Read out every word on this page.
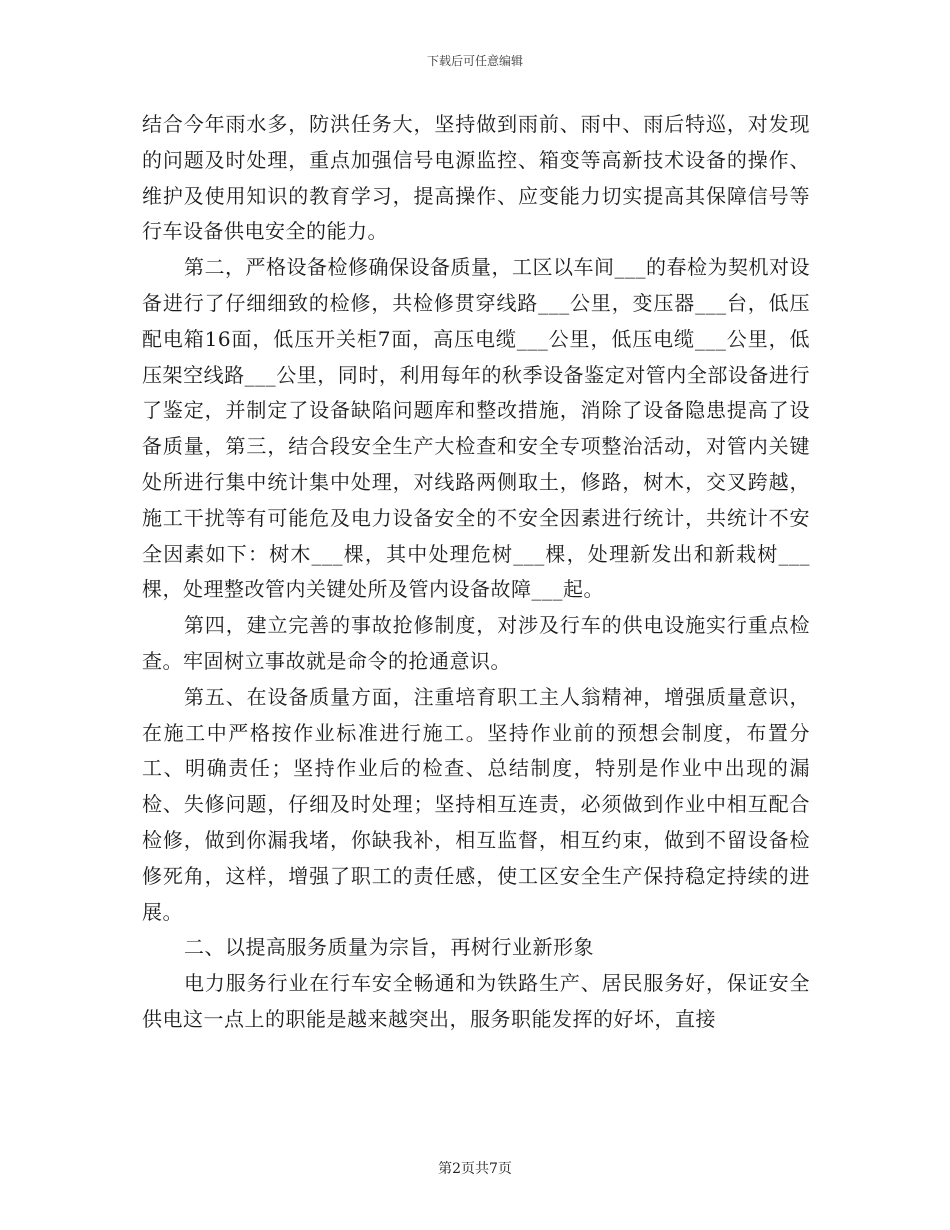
下载后可任意编辑

结合今年雨水多，防洪任务大，坚持做到雨前、雨中、雨后特巡，对发现的问题及时处理，重点加强信号电源监控、箱变等高新技术设备的操作、维护及使用知识的教育学习，提高操作、应变能力切实提高其保障信号等行车设备供电安全的能力。

第二，严格设备检修确保设备质量，工区以车间___的春检为契机对设备进行了仔细细致的检修，共检修贯穿线路___公里，变压器___台，低压配电箱16面，低压开关柜7面，高压电缆___公里，低压电缆___公里，低压架空线路___公里，同时，利用每年的秋季设备鉴定对管内全部设备进行了鉴定，并制定了设备缺陷问题库和整改措施，消除了设备隐患提高了设备质量，第三，结合段安全生产大检查和安全专项整治活动，对管内关键处所进行集中统计集中处理，对线路两侧取土，修路，树木，交叉跨越，施工干扰等有可能危及电力设备安全的不安全因素进行统计，共统计不安全因素如下：树木___棵，其中处理危树___棵，处理新发出和新栽树___棵，处理整改管内关键处所及管内设备故障___起。

第四，建立完善的事故抢修制度，对涉及行车的供电设施实行重点检查。牢固树立事故就是命令的抢通意识。

第五、在设备质量方面，注重培育职工主人翁精神，增强质量意识，在施工中严格按作业标准进行施工。坚持作业前的预想会制度，布置分工、明确责任；坚持作业后的检查、总结制度，特别是作业中出现的漏检、失修问题，仔细及时处理；坚持相互连责，必须做到作业中相互配合检修，做到你漏我堵，你缺我补，相互监督，相互约束，做到不留设备检修死角，这样，增强了职工的责任感，使工区安全生产保持稳定持续的进展。

二、以提高服务质量为宗旨，再树行业新形象

电力服务行业在行车安全畅通和为铁路生产、居民服务好，保证安全供电这一点上的职能是越来越突出，服务职能发挥的好坏，直接

第2页共7页
